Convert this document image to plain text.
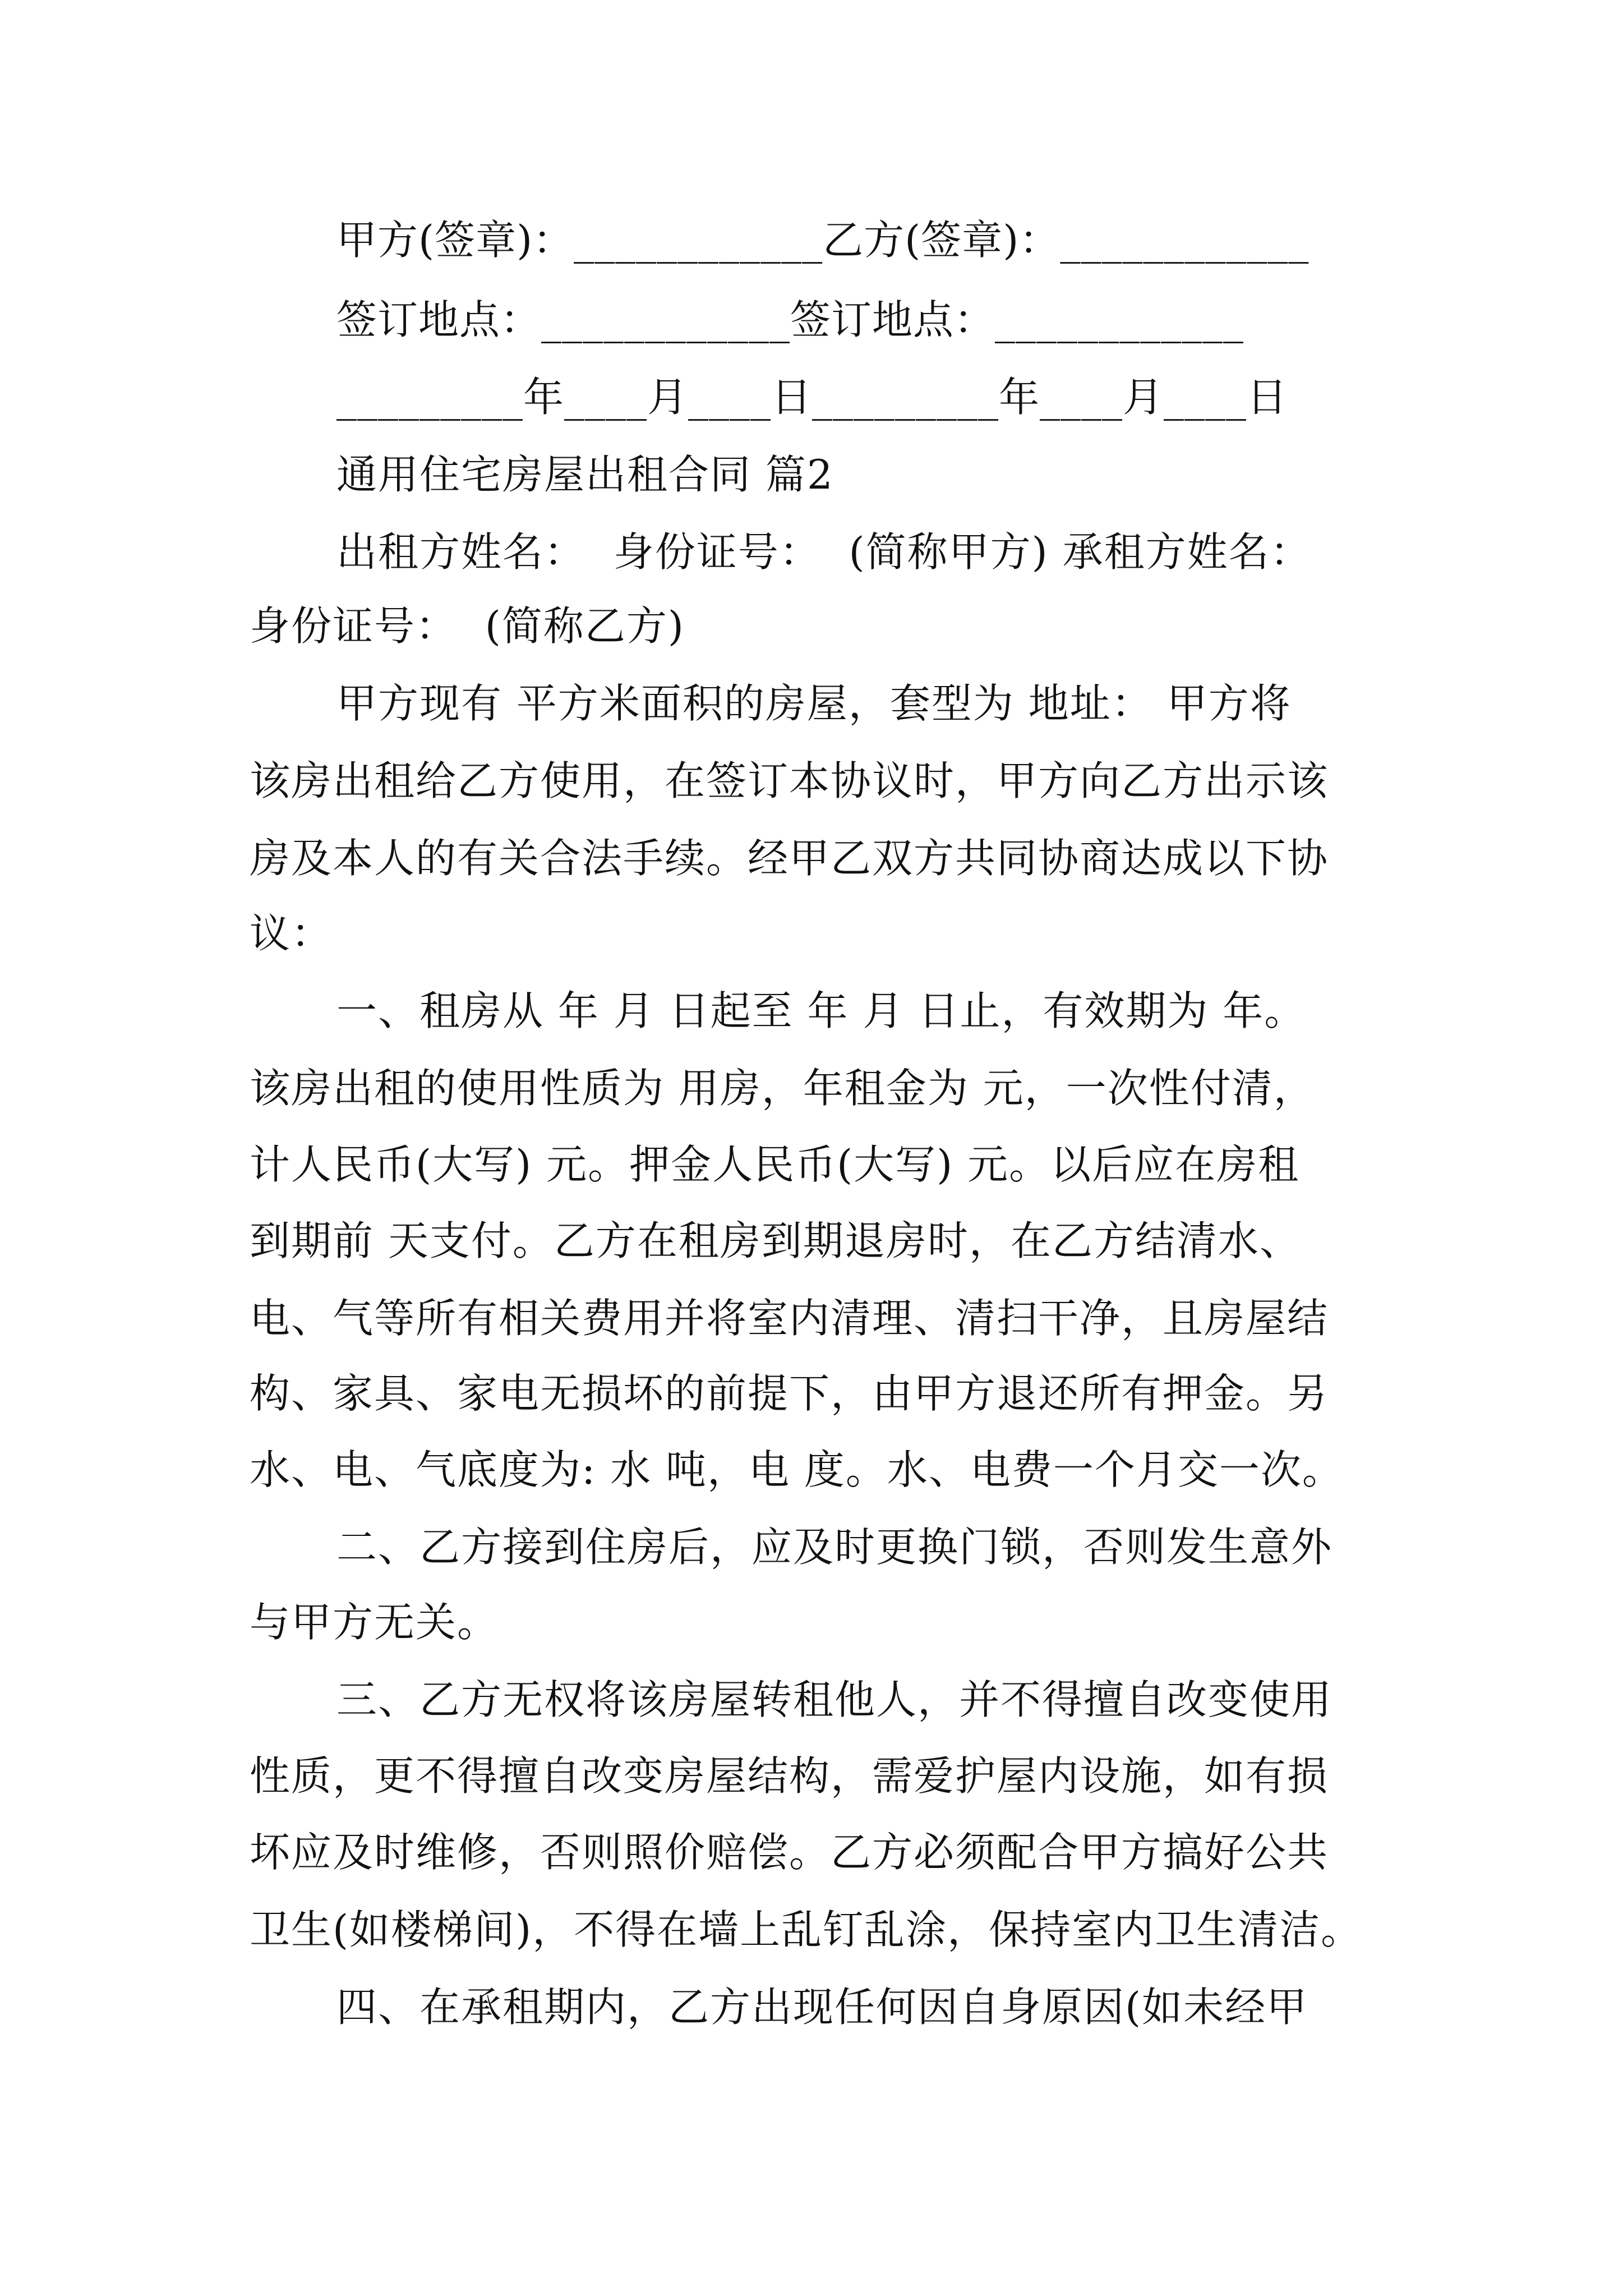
甲方(签章)：____________乙方(签章)：____________
签订地点：____________签订地点：____________
_________年____月____日_________年____月____日
通用住宅房屋出租合同 篇2
出租方姓名：  身份证号：  (简称甲方) 承租方姓名：
身份证号：  (简称乙方)
甲方现有 平方米面积的房屋，套型为 地址： 甲方将
该房出租给乙方使用，在签订本协议时，甲方向乙方出示该
房及本人的有关合法手续。经甲乙双方共同协商达成以下协
议：
一、租房从 年 月 日起至 年 月 日止，有效期为 年。
该房出租的使用性质为 用房，年租金为 元，一次性付清，
计人民币(大写) 元。押金人民币(大写) 元。以后应在房租
到期前 天支付。乙方在租房到期退房时，在乙方结清水、
电、气等所有相关费用并将室内清理、清扫干净，且房屋结
构、家具、家电无损坏的前提下，由甲方退还所有押金。另
水、电、气底度为: 水 吨，电 度。水、电费一个月交一次。
二、乙方接到住房后，应及时更换门锁，否则发生意外
与甲方无关。
三、乙方无权将该房屋转租他人，并不得擅自改变使用
性质，更不得擅自改变房屋结构，需爱护屋内设施，如有损
坏应及时维修，否则照价赔偿。乙方必须配合甲方搞好公共
卫生(如楼梯间)，不得在墙上乱钉乱涂，保持室内卫生清洁。
四、在承租期内，乙方出现任何因自身原因(如未经甲
